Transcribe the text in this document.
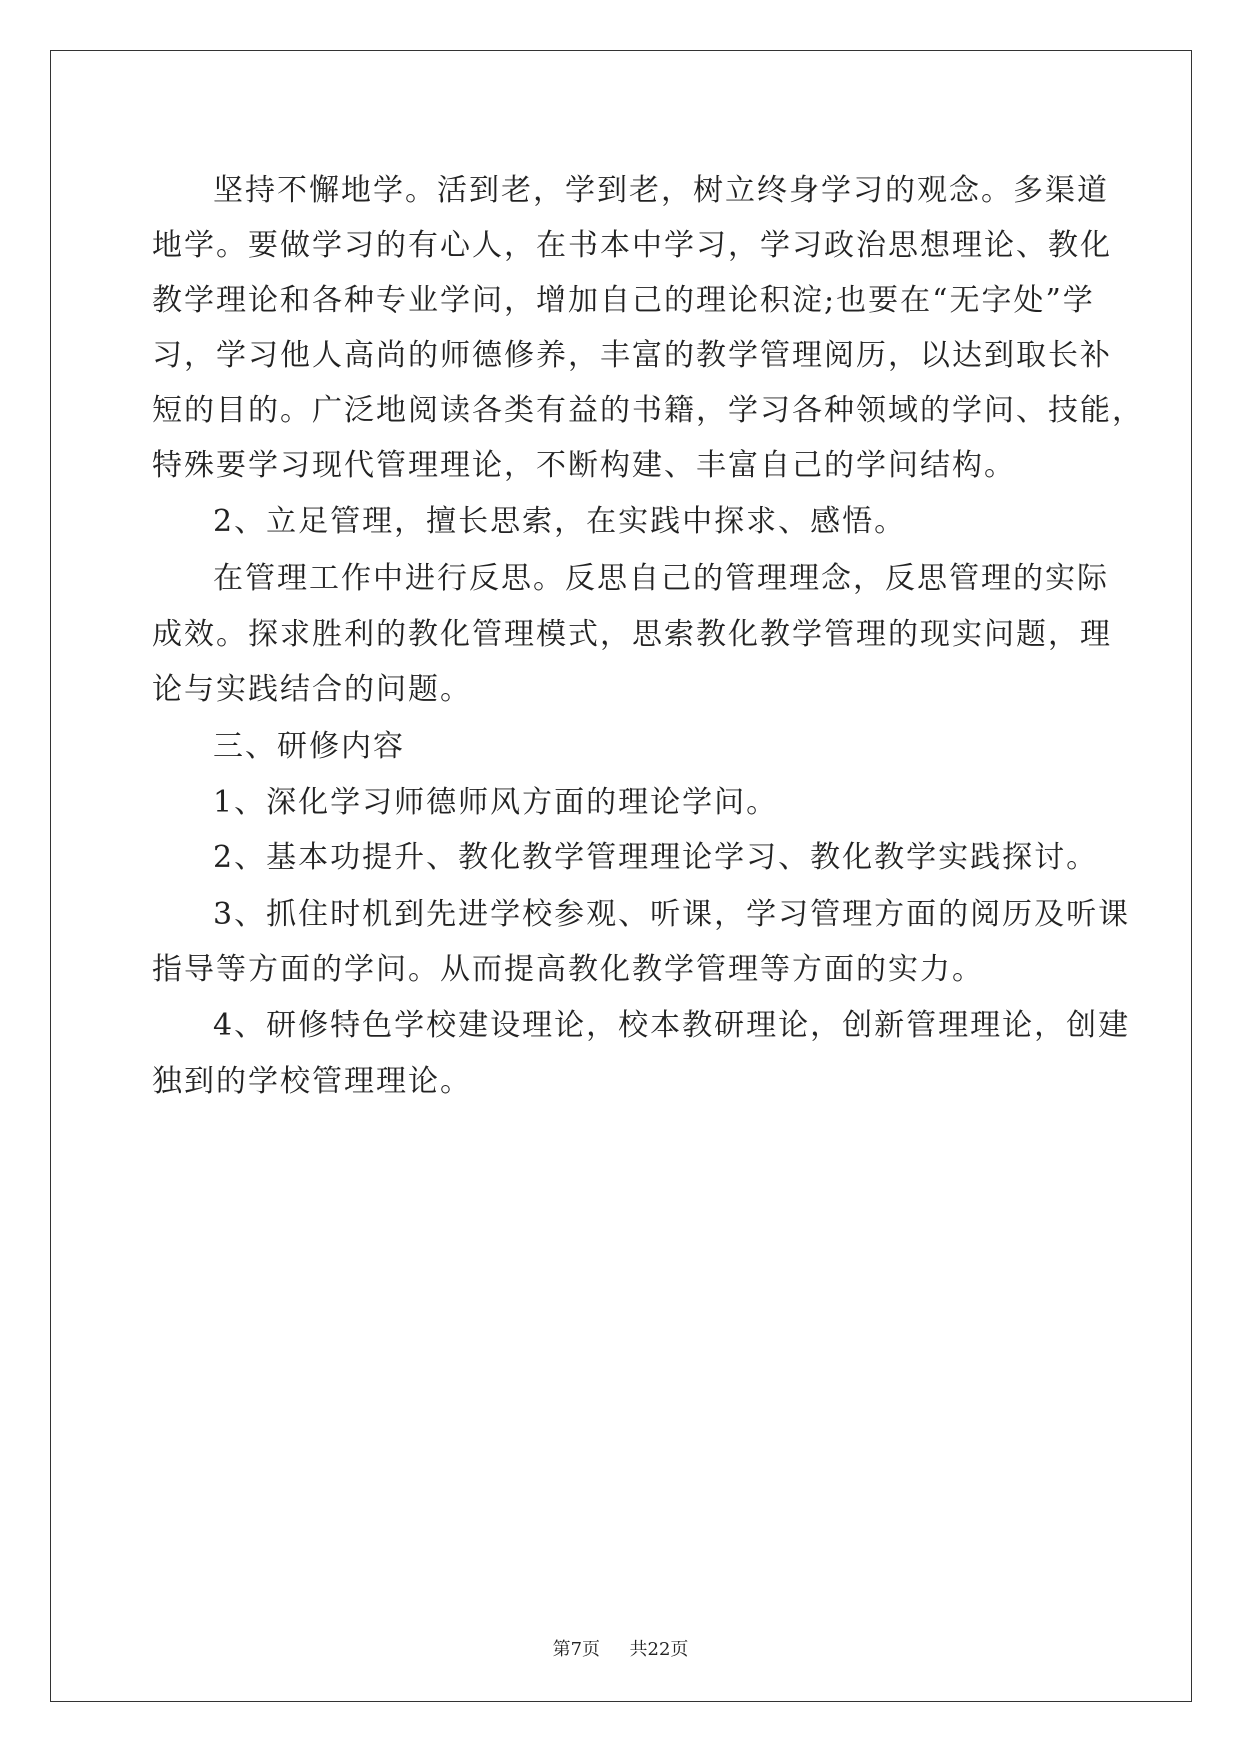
坚持不懈地学。活到老，学到老，树立终身学习的观念。多渠道
地学。要做学习的有心人，在书本中学习，学习政治思想理论、教化
教学理论和各种专业学问，增加自己的理论积淀;也要在“无字处”学
习，学习他人高尚的师德修养，丰富的教学管理阅历，以达到取长补
短的目的。广泛地阅读各类有益的书籍，学习各种领域的学问、技能，
特殊要学习现代管理理论，不断构建、丰富自己的学问结构。
2、立足管理，擅长思索，在实践中探求、感悟。
在管理工作中进行反思。反思自己的管理理念，反思管理的实际
成效。探求胜利的教化管理模式，思索教化教学管理的现实问题，理
论与实践结合的问题。
三、研修内容
1、深化学习师德师风方面的理论学问。
2、基本功提升、教化教学管理理论学习、教化教学实践探讨。
3、抓住时机到先进学校参观、听课，学习管理方面的阅历及听课
指导等方面的学问。从而提高教化教学管理等方面的实力。
4、研修特色学校建设理论，校本教研理论，创新管理理论，创建
独到的学校管理理论。
第7页 共22页
